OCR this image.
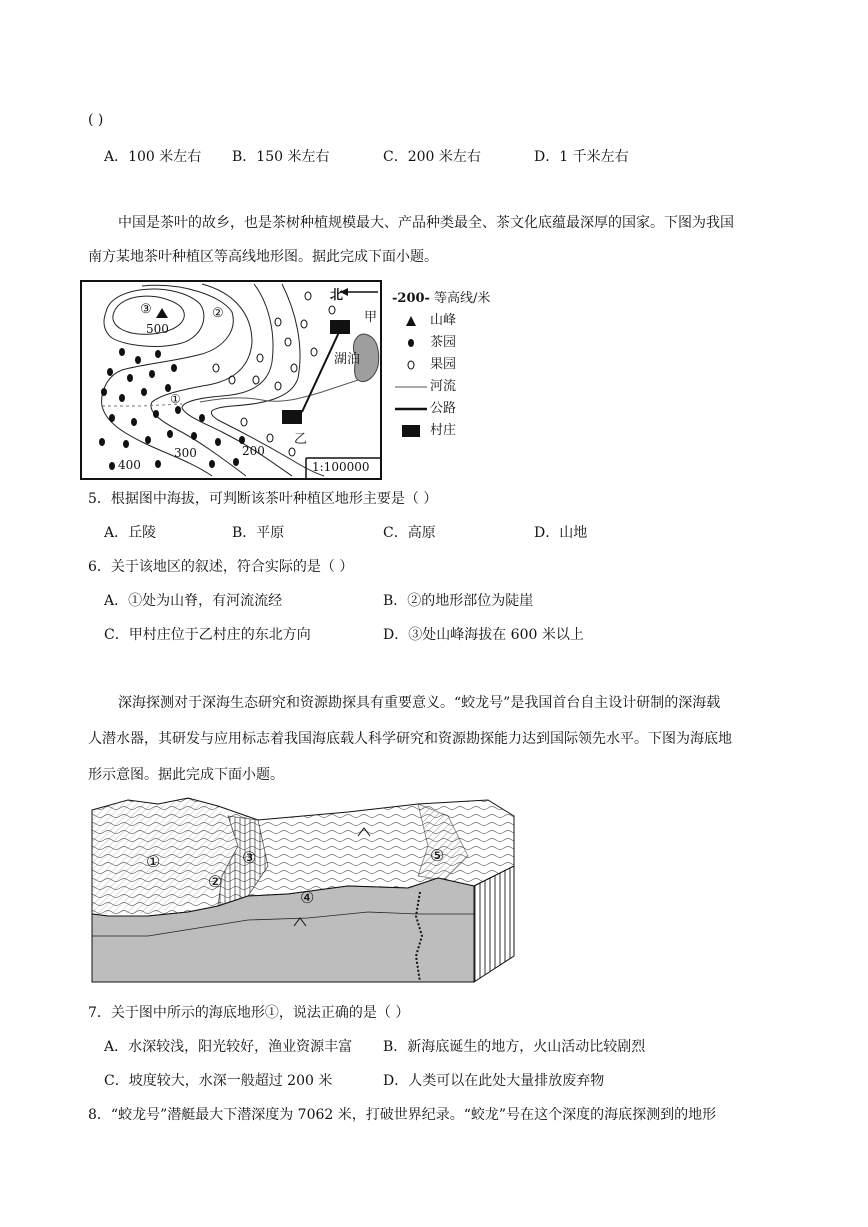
( )
A．100 米左右 B．150 米左右	C．200 米左右	D．1 千米左右
中国是茶叶的故乡，也是茶树种植规模最大、产品种类最全、茶文化底蕴最深厚的国家。下图为我国
南方某地茶叶种植区等高线地形图。据此完成下面小题。
北
甲
湖泊
乙
500
400
300	200
③	②
①
1:100000
-200- 等高线/米
山峰
茶园
果园
河流
公路
村庄
5．根据图中海拔，可判断该茶叶种植区地形主要是（ ）
A．丘陵	B．平原	C．高原	D．山地
6．关于该地区的叙述，符合实际的是（ ）
A．①处为山脊，有河流流经	B．②的地形部位为陡崖
C．甲村庄位于乙村庄的东北方向	D．③处山峰海拔在 600 米以上
深海探测对于深海生态研究和资源勘探具有重要意义。“蛟龙号”是我国首台自主设计研制的深海载
人潜水器，其研发与应用标志着我国海底载人科学研究和资源勘探能力达到国际领先水平。下图为海底地
形示意图。据此完成下面小题。
①
②
③
④
⑤
7．关于图中所示的海底地形①，说法正确的是（ ）
A．水深较浅，阳光较好，渔业资源丰富 B．新海底诞生的地方，火山活动比较剧烈
C．坡度较大，水深一般超过 200 米	D．人类可以在此处大量排放废弃物
8．“蛟龙号”潜艇最大下潜深度为 7062 米，打破世界纪录。“蛟龙”号在这个深度的海底探测到的地形
